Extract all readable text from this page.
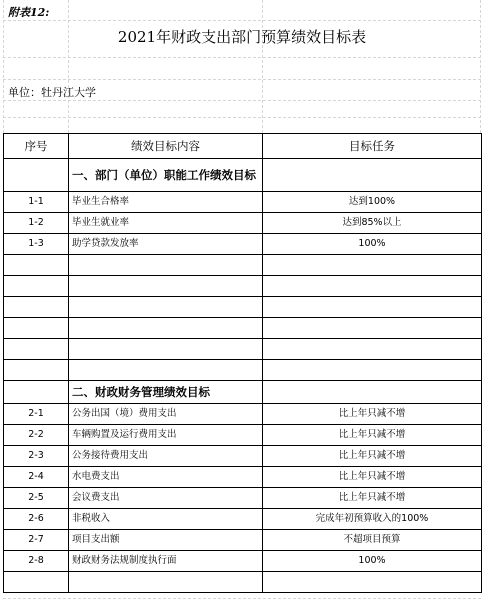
附表12:
2021年财政支出部门预算绩效目标表
单位：牡丹江大学
序号	绩效目标内容	目标任务
	一、部门（单位）职能工作绩效目标	
1-1	毕业生合格率	达到100%
1-2	毕业生就业率	达到85%以上
1-3	助学贷款发放率	100%

	二、财政财务管理绩效目标	
2-1	公务出国（境）费用支出	比上年只减不增
2-2	车辆购置及运行费用支出	比上年只减不增
2-3	公务接待费用支出	比上年只减不增
2-4	水电费支出	比上年只减不增
2-5	会议费支出	比上年只减不增
2-6	非税收入	完成年初预算收入的100%
2-7	项目支出额	不超项目预算
2-8	财政财务法规制度执行面	100%
